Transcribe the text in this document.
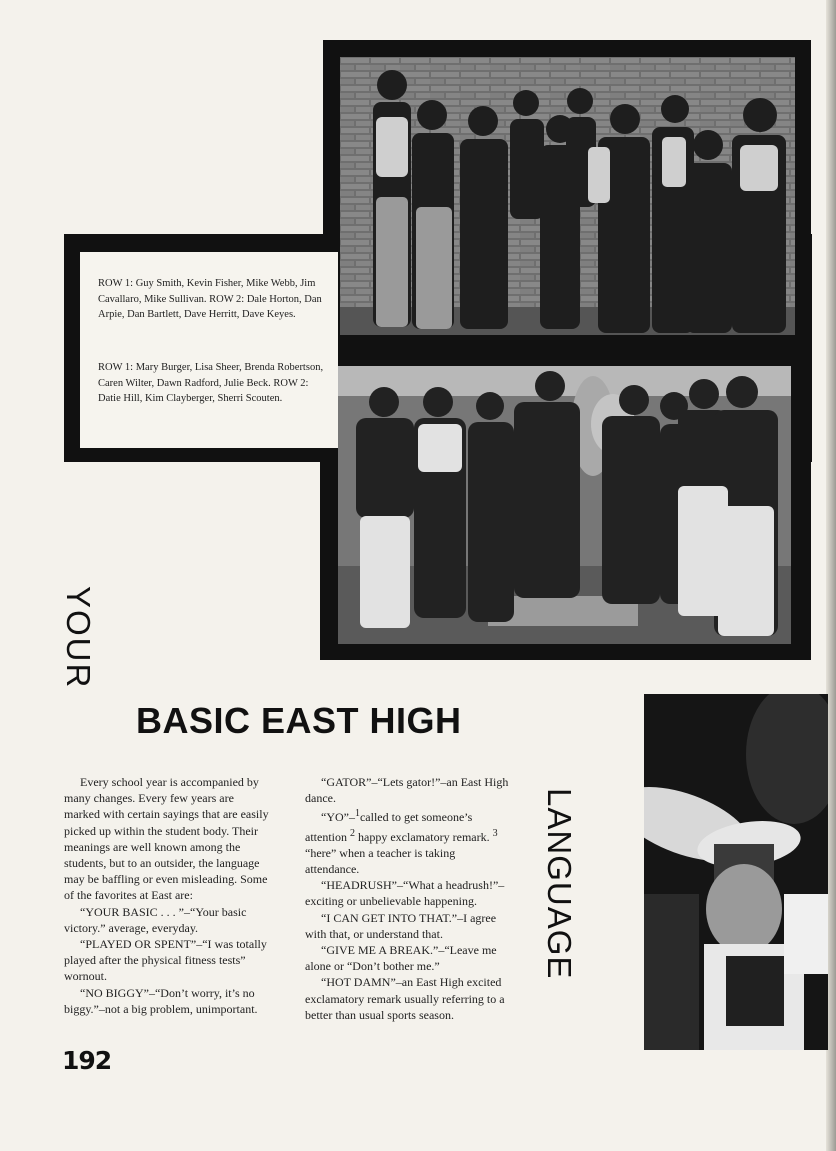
ROW 1: Guy Smith, Kevin Fisher, Mike Webb, Jim Cavallaro, Mike Sullivan. ROW 2: Dale Horton, Dan Arpie, Dan Bartlett, Dave Herritt, Dave Keyes.

ROW 1: Mary Burger, Lisa Sheer, Brenda Robertson, Caren Wilter, Dawn Radford, Julie Beck. ROW 2: Datie Hill, Kim Clayberger, Sherri Scouten.

YOUR
BASIC EAST HIGH
LANGUAGE

Every school year is accompanied by many changes. Every few years are marked with certain sayings that are easily picked up within the student body. Their meanings are well known among the students, but to an outsider, the language may be baffling or even misleading. Some of the favorites at East are:

“YOUR BASIC . . . ”–“Your basic victory.” average, everyday.

“PLAYED OR SPENT”–“I was totally played after the physical fitness tests” wornout.

“NO BIGGY”–“Don’t worry, it’s no biggy.”–not a big problem, unimportant.

“GATOR”–“Lets gator!”–an East High dance.

“YO”–$^1$called to get someone’s attention $^2$ happy exclamatory remark. $^3$ “here” when a teacher is taking attendance.

“HEADRUSH”–“What a headrush!”–exciting or unbelievable happening.

“I CAN GET INTO THAT.”–I agree with that, or understand that.

“GIVE ME A BREAK.”–“Leave me alone or “Don’t bother me.”

“HOT DAMN”–an East High excited exclamatory remark usually referring to a better than usual sports season.

192
